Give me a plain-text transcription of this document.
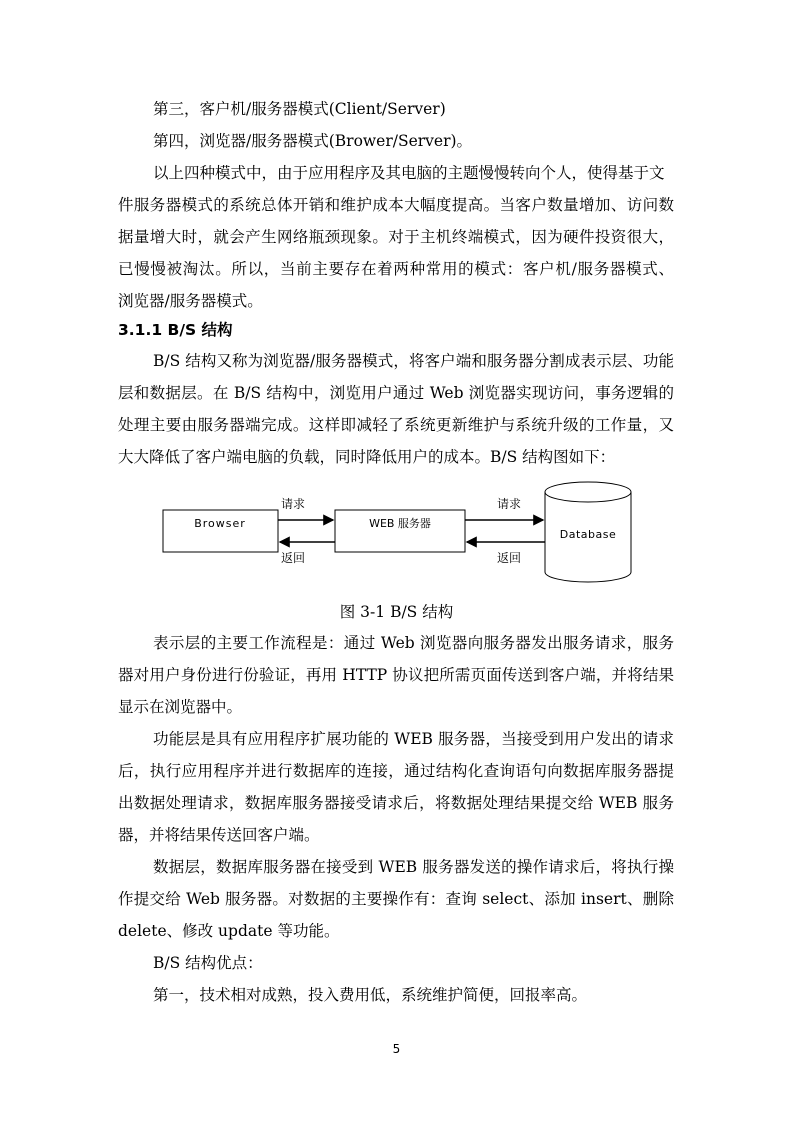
第三，客户机/服务器模式(Client/Server)
第四，浏览器/服务器模式(Brower/Server)。
以上四种模式中，由于应用程序及其电脑的主题慢慢转向个人，使得基于文
件服务器模式的系统总体开销和维护成本大幅度提高。当客户数量增加、访问数
据量增大时，就会产生网络瓶颈现象。对于主机终端模式，因为硬件投资很大，
已慢慢被淘汰。所以，当前主要存在着两种常用的模式：客户机/服务器模式、
浏览器/服务器模式。
3.1.1 B/S 结构
B/S 结构又称为浏览器/服务器模式，将客户端和服务器分割成表示层、功能
层和数据层。在 B/S 结构中，浏览用户通过 Web 浏览器实现访问，事务逻辑的
处理主要由服务器端完成。这样即减轻了系统更新维护与系统升级的工作量，又
大大降低了客户端电脑的负载，同时降低用户的成本。B/S 结构图如下：
Browser	WEB 服务器
Database
请求
返回
请求
返回
图 3-1 B/S 结构
表示层的主要工作流程是：通过 Web 浏览器向服务器发出服务请求，服务
器对用户身份进行份验证，再用 HTTP 协议把所需页面传送到客户端，并将结果
显示在浏览器中。
功能层是具有应用程序扩展功能的 WEB 服务器，当接受到用户发出的请求
后，执行应用程序并进行数据库的连接，通过结构化查询语句向数据库服务器提
出数据处理请求，数据库服务器接受请求后，将数据处理结果提交给 WEB 服务
器，并将结果传送回客户端。
数据层，数据库服务器在接受到 WEB 服务器发送的操作请求后，将执行操
作提交给 Web 服务器。对数据的主要操作有：查询 select、添加 insert、删除
delete、修改 update 等功能。
B/S 结构优点：
第一，技术相对成熟，投入费用低，系统维护简便，回报率高。
5
